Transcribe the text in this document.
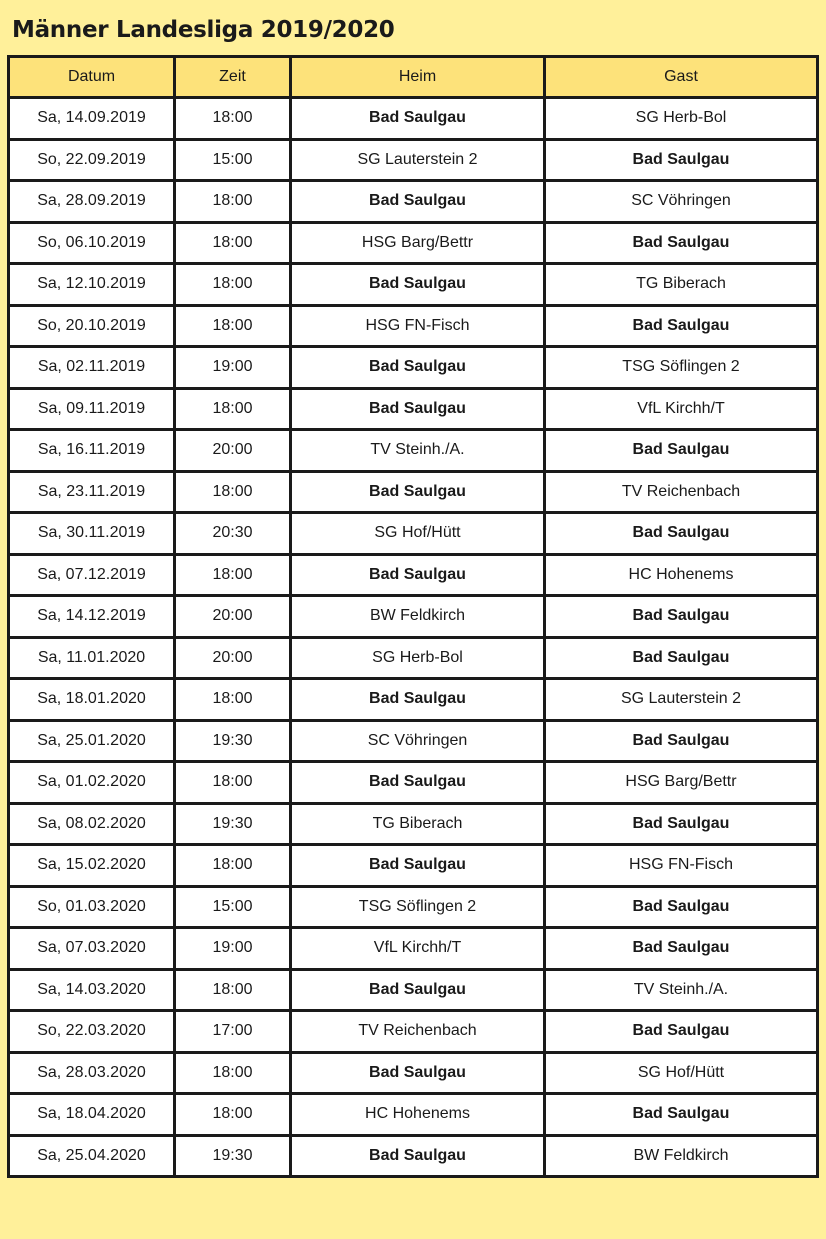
Männer Landesliga 2019/2020
Datum	Zeit	Heim	Gast
Sa, 14.09.2019	18:00	Bad Saulgau	SG Herb-Bol
So, 22.09.2019	15:00	SG Lauterstein 2	Bad Saulgau
Sa, 28.09.2019	18:00	Bad Saulgau	SC Vöhringen
So, 06.10.2019	18:00	HSG Barg/Bettr	Bad Saulgau
Sa, 12.10.2019	18:00	Bad Saulgau	TG Biberach
So, 20.10.2019	18:00	HSG FN-Fisch	Bad Saulgau
Sa, 02.11.2019	19:00	Bad Saulgau	TSG Söflingen 2
Sa, 09.11.2019	18:00	Bad Saulgau	VfL Kirchh/T
Sa, 16.11.2019	20:00	TV Steinh./A.	Bad Saulgau
Sa, 23.11.2019	18:00	Bad Saulgau	TV Reichenbach
Sa, 30.11.2019	20:30	SG Hof/Hütt	Bad Saulgau
Sa, 07.12.2019	18:00	Bad Saulgau	HC Hohenems
Sa, 14.12.2019	20:00	BW Feldkirch	Bad Saulgau
Sa, 11.01.2020	20:00	SG Herb-Bol	Bad Saulgau
Sa, 18.01.2020	18:00	Bad Saulgau	SG Lauterstein 2
Sa, 25.01.2020	19:30	SC Vöhringen	Bad Saulgau
Sa, 01.02.2020	18:00	Bad Saulgau	HSG Barg/Bettr
Sa, 08.02.2020	19:30	TG Biberach	Bad Saulgau
Sa, 15.02.2020	18:00	Bad Saulgau	HSG FN-Fisch
So, 01.03.2020	15:00	TSG Söflingen 2	Bad Saulgau
Sa, 07.03.2020	19:00	VfL Kirchh/T	Bad Saulgau
Sa, 14.03.2020	18:00	Bad Saulgau	TV Steinh./A.
So, 22.03.2020	17:00	TV Reichenbach	Bad Saulgau
Sa, 28.03.2020	18:00	Bad Saulgau	SG Hof/Hütt
Sa, 18.04.2020	18:00	HC Hohenems	Bad Saulgau
Sa, 25.04.2020	19:30	Bad Saulgau	BW Feldkirch
